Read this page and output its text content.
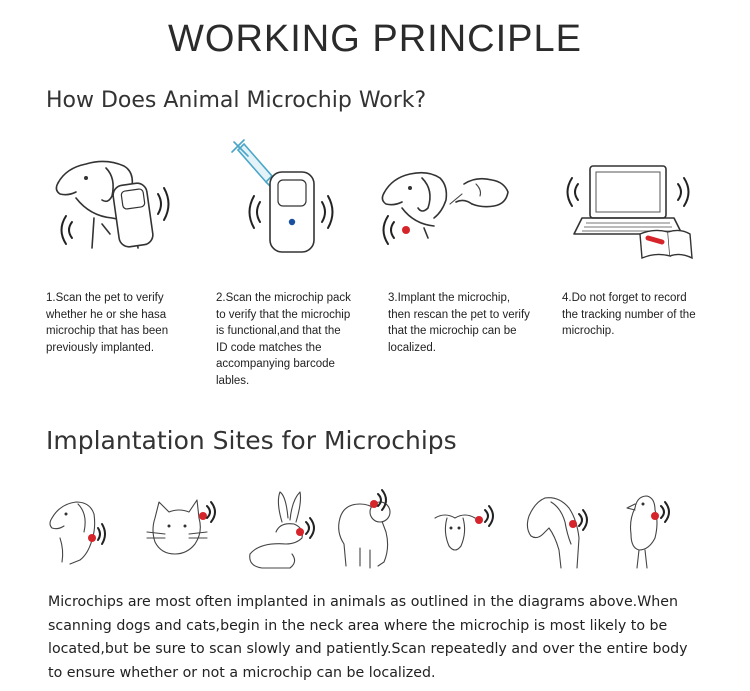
WORKING PRINCIPLE
How Does Animal Microchip Work?
1.Scan the pet to verify
whether he or she hasa
microchip that has been
previously implanted.
2.Scan the microchip pack
to verify that the microchip
is functional,and that the
ID code matches the
accompanying barcode
lables.
3.Implant the microchip,
then rescan the pet to verify
that the microchip can be
localized.
4.Do not forget to record
the tracking number of the
microchip.
Implantation Sites for Microchips
Microchips are most often implanted in animals as outlined in the diagrams above.When scanning dogs and cats,begin in the neck area where the microchip is most likely to be located,but be sure to scan slowly and patiently.Scan repeatedly and over the entire body to ensure whether or not a microchip can be localized.
